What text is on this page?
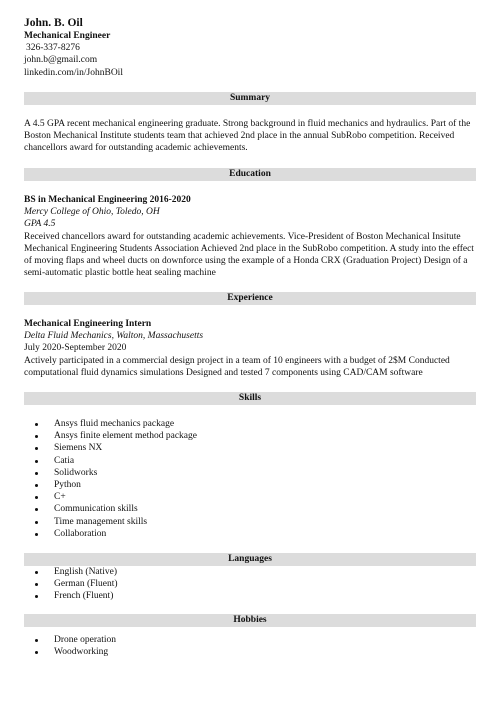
John. B. Oil
Mechanical Engineer
326-337-8276
john.b@gmail.com
linkedin.com/in/JohnBOil
Summary

A 4.5 GPA recent mechanical engineering graduate. Strong background in fluid mechanics and hydraulics. Part of the Boston Mechanical Institute students team that achieved 2nd place in the annual SubRobo competition. Received chancellors award for outstanding academic achievements.

Education

BS in Mechanical Engineering 2016-2020

Mercy College of Ohio, Toledo, OH

GPA 4.5

Received chancellors award for outstanding academic achievements. Vice-President of Boston Mechanical Insitute Mechanical Engineering Students Association Achieved 2nd place in the SubRobo competition. A study into the effect of moving flaps and wheel ducts on downforce using the example of a Honda CRX (Graduation Project) Design of a semi-automatic plastic bottle heat sealing machine

Experience

Mechanical Engineering Intern

Delta Fluid Mechanics, Walton, Massachusetts

July 2020-September 2020

Actively participated in a commercial design project in a team of 10 engineers with a budget of 2$M Conducted computational fluid dynamics simulations Designed and tested 7 components using CAD/CAM software

Skills
Ansys fluid mechanics package
Ansys finite element method package
Siemens NX
Catia
Solidworks
Python
C+
Communication skills
Time management skills
Collaboration
Languages
English (Native)
German (Fluent)
French (Fluent)
Hobbies
Drone operation
Woodworking
